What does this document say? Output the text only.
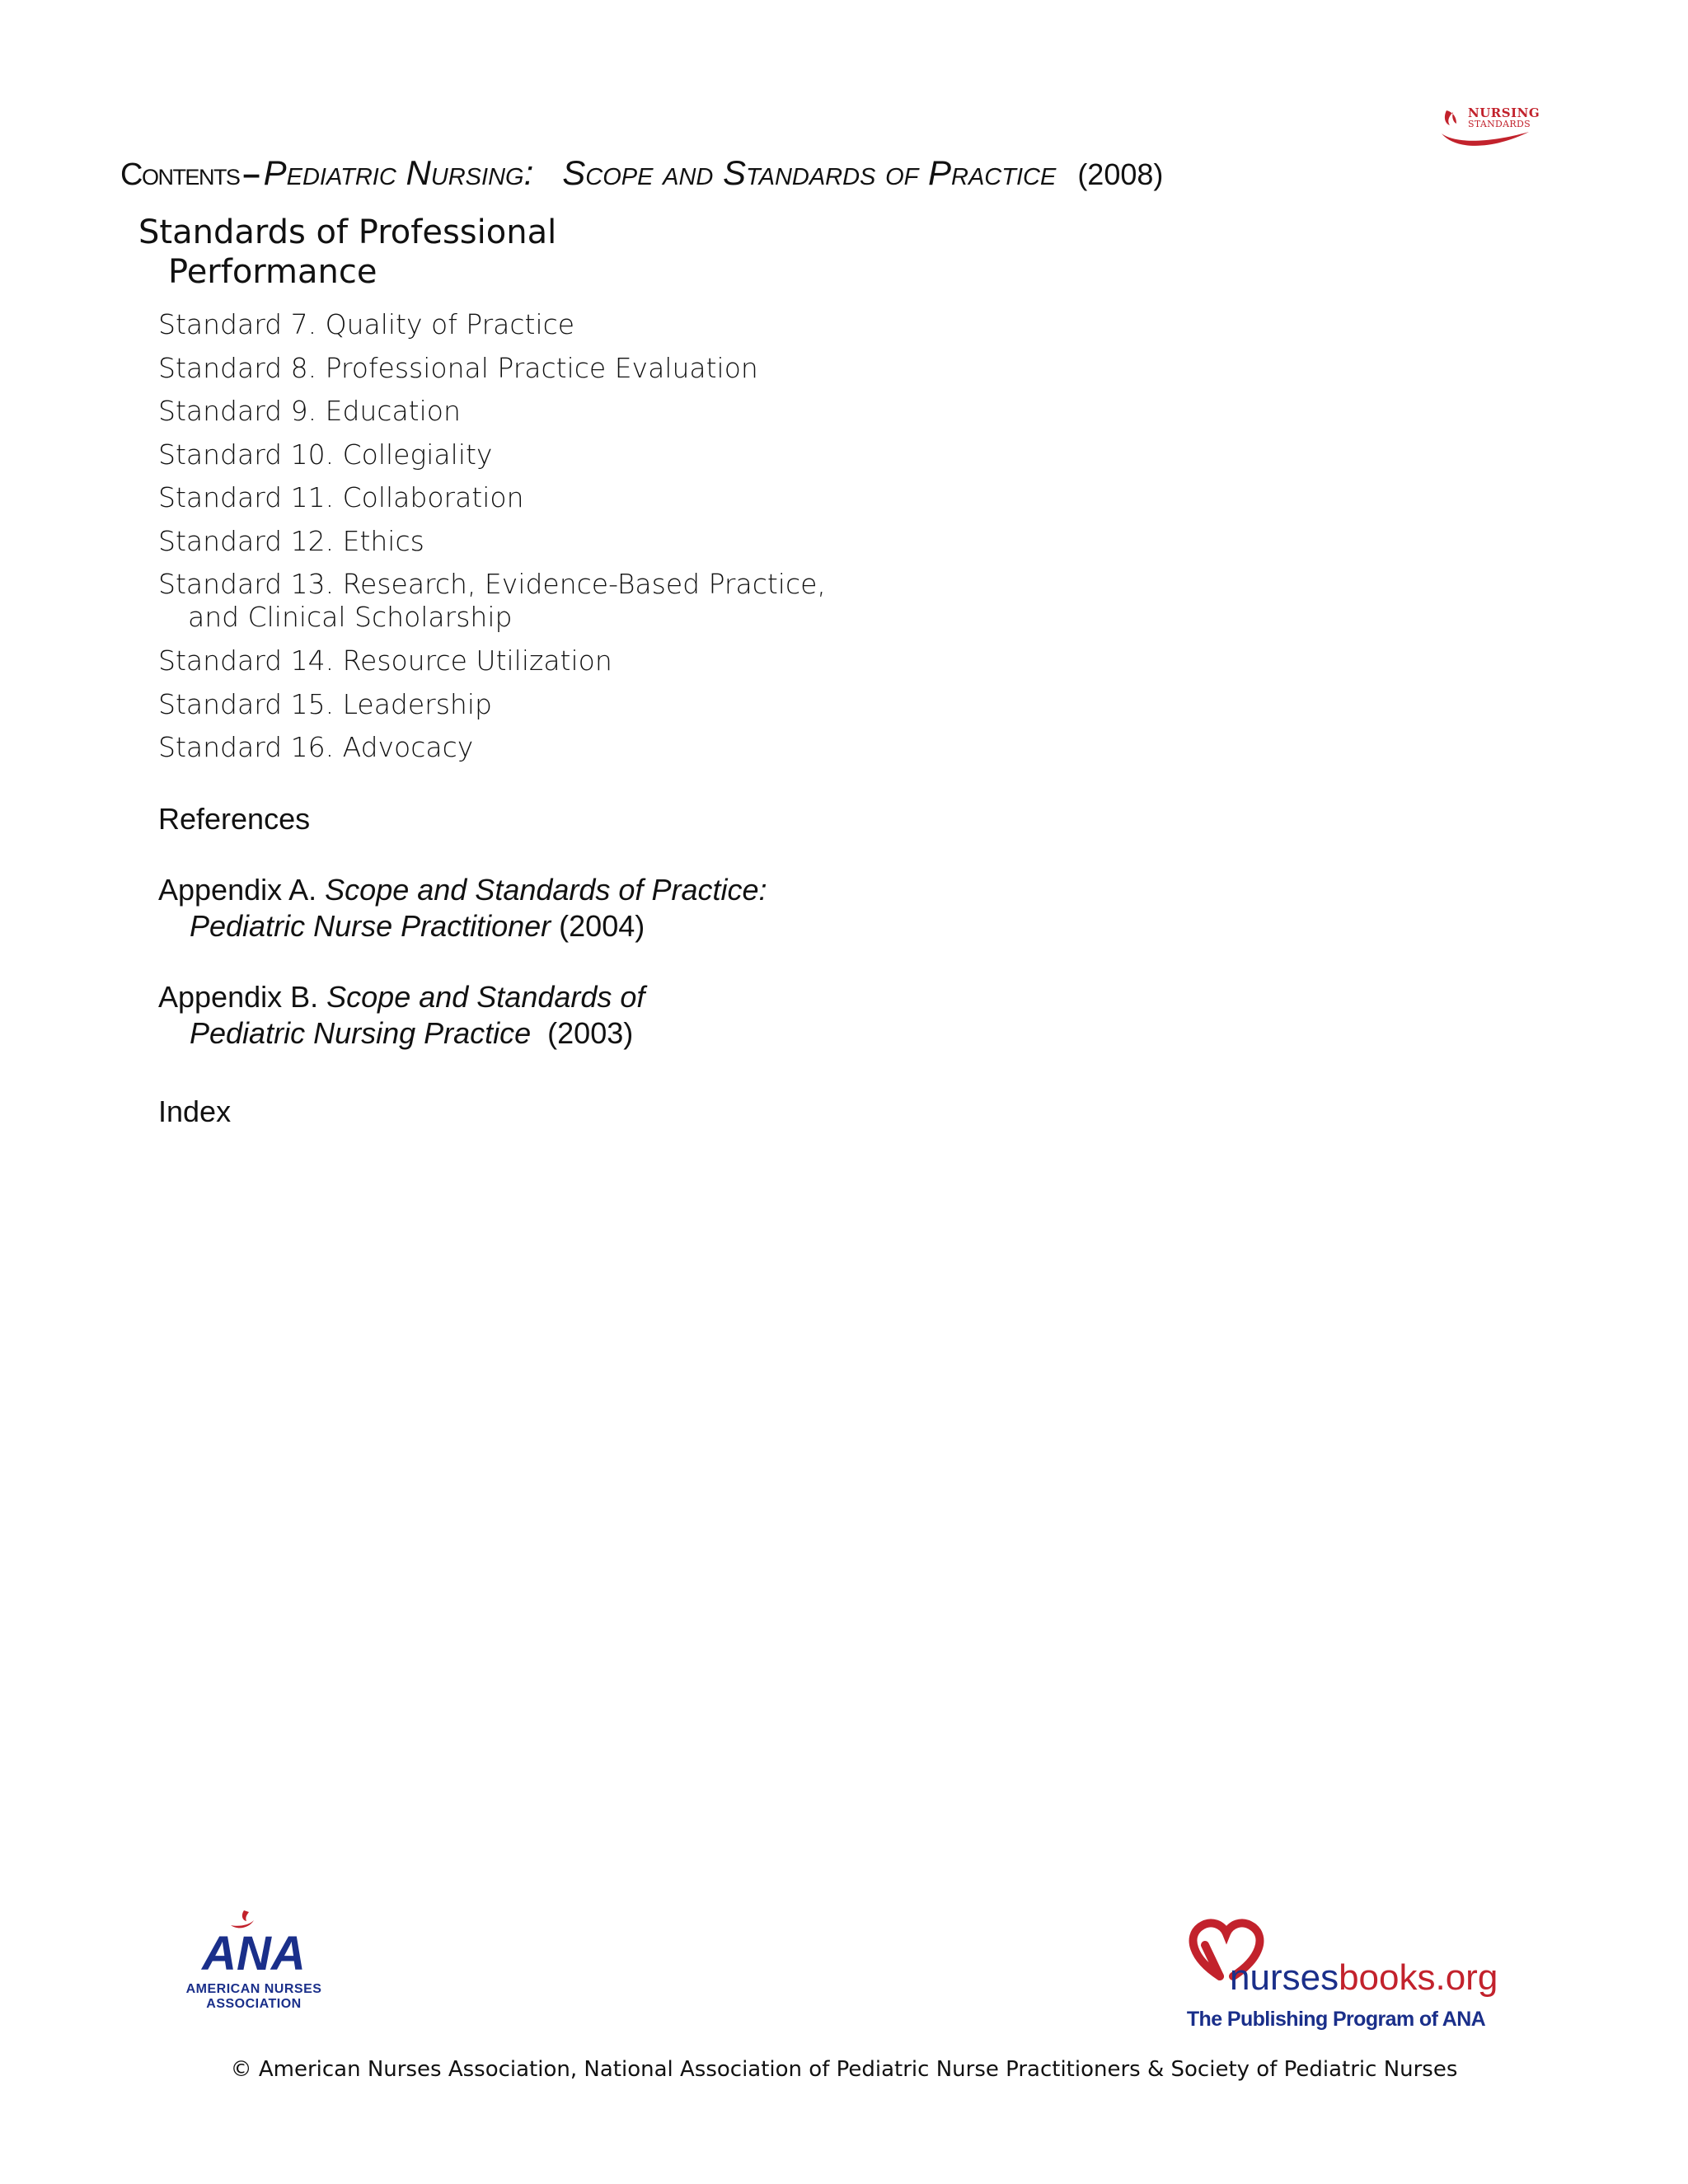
NURSING
STANDARDS
Contents –Pediatric Nursing:   Scope and Standards of Practice (2008)
Standards of Professional
Performance
Standard 7. Quality of Practice
Standard 8. Professional Practice Evaluation
Standard 9. Education
Standard 10. Collegiality
Standard 11. Collaboration
Standard 12. Ethics
Standard 13. Research, Evidence-Based Practice,
and Clinical Scholarship
Standard 14. Resource Utilization
Standard 15. Leadership
Standard 16. Advocacy
References
Appendix A. Scope and Standards of Practice:
Pediatric Nurse Practitioner (2004)
Appendix B. Scope and Standards of
Pediatric Nursing Practice  (2003)
Index
ANA
AMERICAN NURSES
ASSOCIATION
nursesbooks.org
The Publishing Program of ANA
© American Nurses Association, National Association of Pediatric Nurse Practitioners & Society of Pediatric Nurses
